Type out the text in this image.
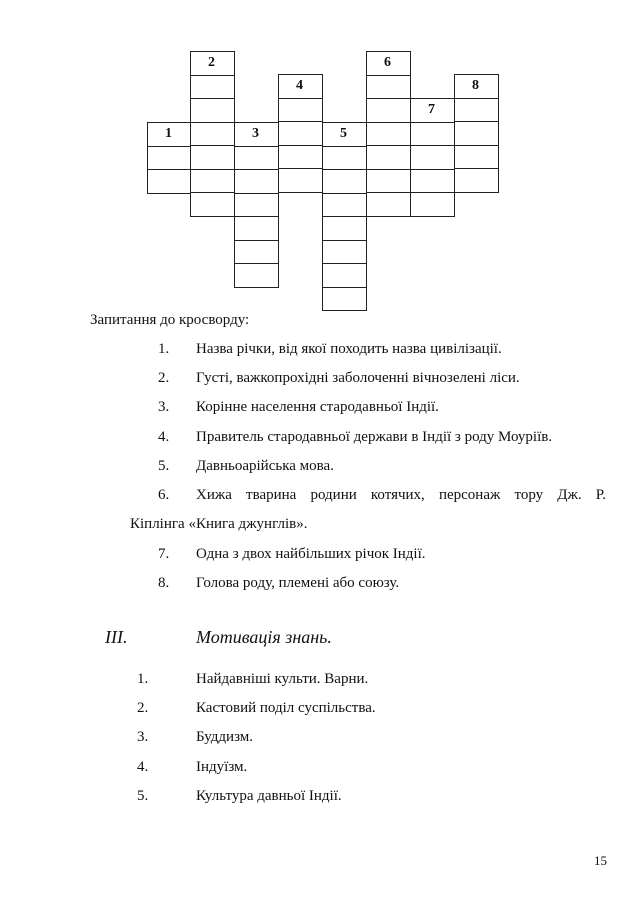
1
2
3
4
5
6
7
8
Запитання до кросворду:
1. Назва річки, від якої походить назва цивілізації.
2. Густі, важкопрохідні заболоченні вічнозелені ліси.
3. Корінне населення стародавньої Індії.
4. Правитель стародавньої держави в Індії з роду Моуріїв.
5. Давньоарійська мова.
6. Хижа тварина родини котячих, персонаж тору Дж. Р.
Кіплінга «Книга джунглів».
7. Одна з двох найбільших річок Індії.
8. Голова роду, племені або союзу.
ІІІ.	Мотивація знань.
1.	Найдавніші культи. Варни.
2.	Кастовий поділ суспільства.
3.	Буддизм.
4.	Індуїзм.
5.	Культура давньої Індії.
15
